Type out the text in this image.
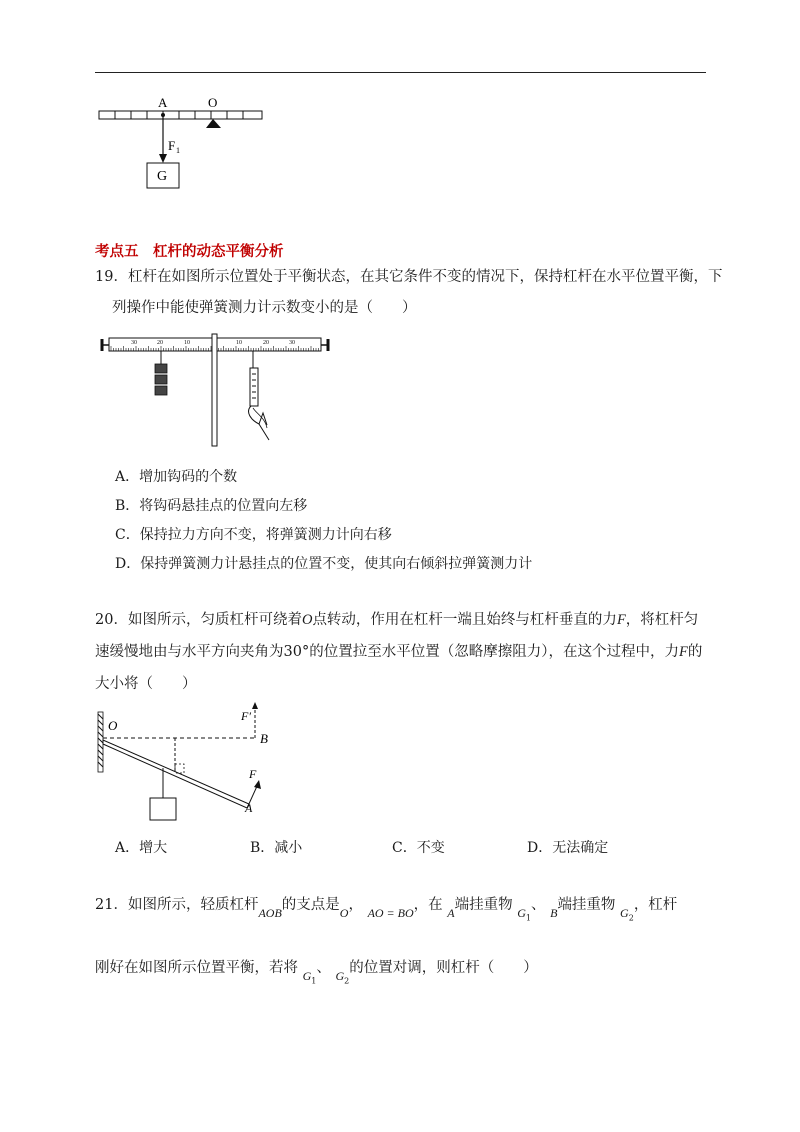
A	O
F 1
G
考点五　杠杆的动态平衡分析
19．杠杆在如图所示位置处于平衡状态，在其它条件不变的情况下，保持杠杆在水平位置平衡，下
列操作中能使弹簧测力计示数变小的是（　　）
30	20	10	10	20	30
A．增加钩码的个数
B．将钩码悬挂点的位置向左移
C．保持拉力方向不变，将弹簧测力计向右移
D．保持弹簧测力计悬挂点的位置不变，使其向右倾斜拉弹簧测力计
20．如图所示，匀质杠杆可绕着O点转动，作用在杠杆一端且始终与杠杆垂直的力F，将杠杆匀
速缓慢地由与水平方向夹角为30°的位置拉至水平位置（忽略摩擦阻力），在这个过程中，力F的
大小将（　　）
O
B
F′
F
A
A．增大	B．减小	C．不变	D．无法确定
21．如图所示，轻质杠杆$_{AOB}$的支点是$_O$， $_{AO = BO}$，在 $_A$端挂重物 $_{G_1}$、 $_B$端挂重物 $_{G_2}$，杠杆
刚好在如图所示位置平衡，若将 $_{G_1}$、 $_{G_2}$的位置对调，则杠杆（　　）
